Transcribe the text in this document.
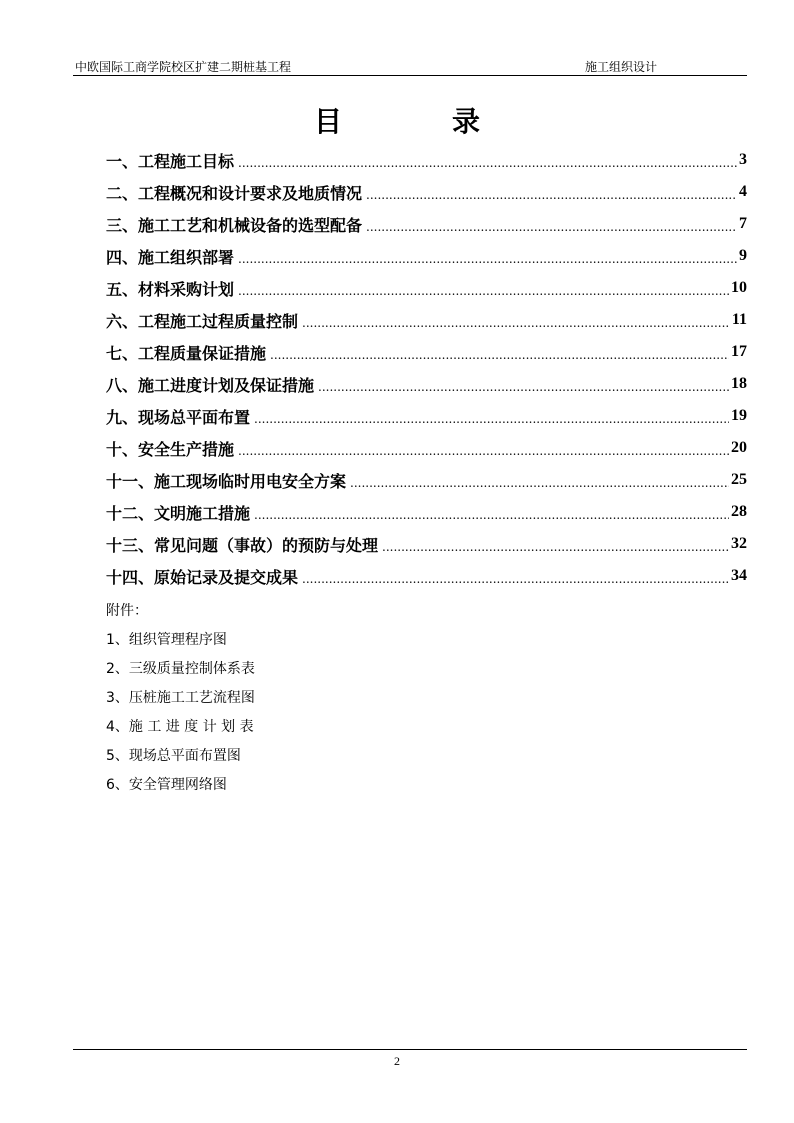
中欧国际工商学院校区扩建二期桩基工程	施工组织设计
目	录
一、工程施工目标 .....	3
二、工程概况和设计要求及地质情况 .....	4
三、施工工艺和机械设备的选型配备 .....	7
四、施工组织部署 .....	9
五、材料采购计划 .....	10
六、工程施工过程质量控制 .....	11
七、工程质量保证措施 .....	17
八、施工进度计划及保证措施 .....	18
九、现场总平面布置 .....	19
十、安全生产措施 .....	20
十一、施工现场临时用电安全方案 .....	25
十二、文明施工措施 .....	28
十三、常见问题（事故）的预防与处理 .....	32
十四、原始记录及提交成果 .....	34
附件：
1、组织管理程序图
2、三级质量控制体系表
3、压桩施工工艺流程图
4、施 工 进 度 计 划 表
5、现场总平面布置图
6、安全管理网络图
2
